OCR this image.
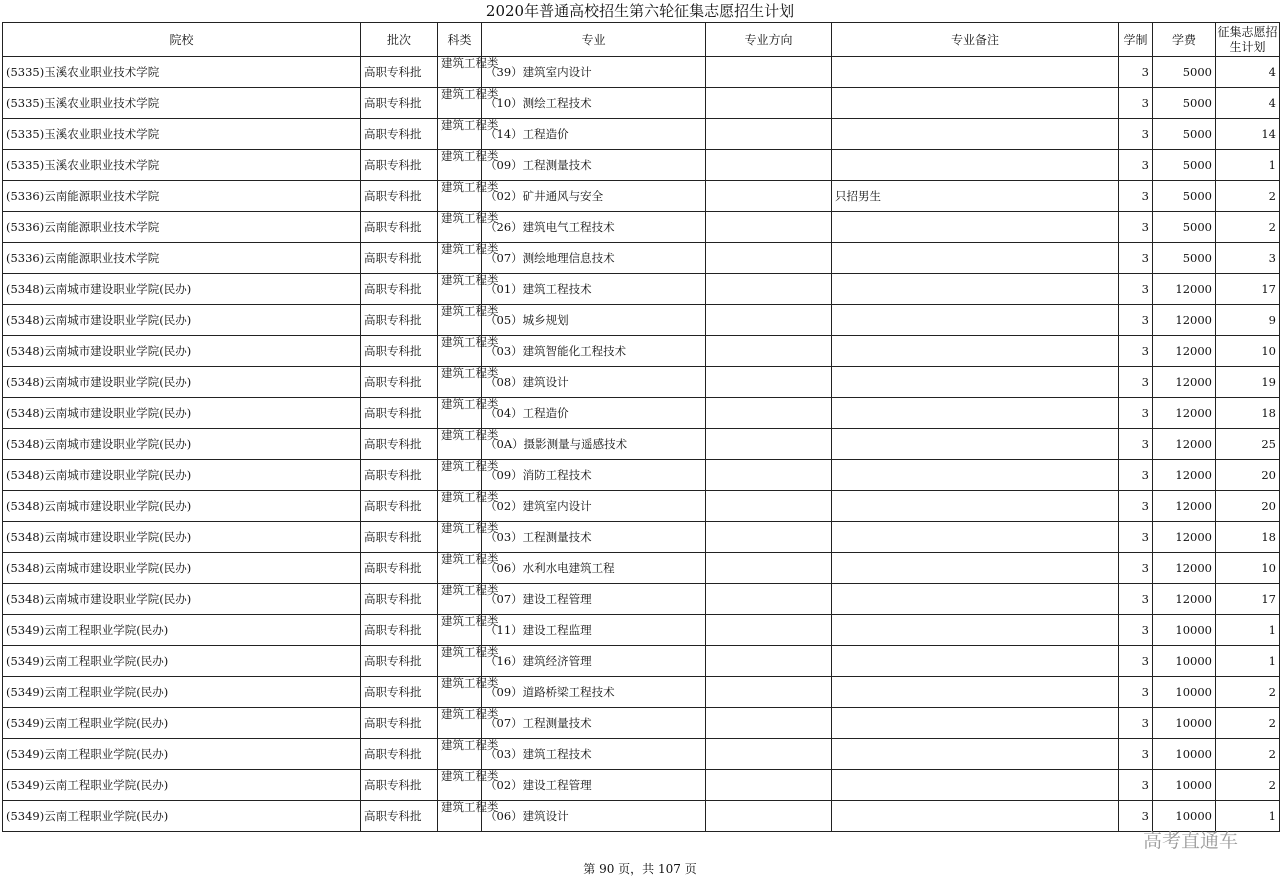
2020年普通高校招生第六轮征集志愿招生计划
院校	批次	科类	专业	专业方向	专业备注	学制	学费	征集志愿招生计划
(5335)玉溪农业职业技术学院	高职专科批	建筑工程类	（39）建筑室内设计			3	5000	4
(5335)玉溪农业职业技术学院	高职专科批	建筑工程类	（10）测绘工程技术			3	5000	4
(5335)玉溪农业职业技术学院	高职专科批	建筑工程类	（14）工程造价			3	5000	14
(5335)玉溪农业职业技术学院	高职专科批	建筑工程类	（09）工程测量技术			3	5000	1
(5336)云南能源职业技术学院	高职专科批	建筑工程类	（02）矿井通风与安全		只招男生	3	5000	2
(5336)云南能源职业技术学院	高职专科批	建筑工程类	（26）建筑电气工程技术			3	5000	2
(5336)云南能源职业技术学院	高职专科批	建筑工程类	（07）测绘地理信息技术			3	5000	3
(5348)云南城市建设职业学院(民办)	高职专科批	建筑工程类	（01）建筑工程技术			3	12000	17
(5348)云南城市建设职业学院(民办)	高职专科批	建筑工程类	（05）城乡规划			3	12000	9
(5348)云南城市建设职业学院(民办)	高职专科批	建筑工程类	（03）建筑智能化工程技术			3	12000	10
(5348)云南城市建设职业学院(民办)	高职专科批	建筑工程类	（08）建筑设计			3	12000	19
(5348)云南城市建设职业学院(民办)	高职专科批	建筑工程类	（04）工程造价			3	12000	18
(5348)云南城市建设职业学院(民办)	高职专科批	建筑工程类	（0A）摄影测量与遥感技术			3	12000	25
(5348)云南城市建设职业学院(民办)	高职专科批	建筑工程类	（09）消防工程技术			3	12000	20
(5348)云南城市建设职业学院(民办)	高职专科批	建筑工程类	（02）建筑室内设计			3	12000	20
(5348)云南城市建设职业学院(民办)	高职专科批	建筑工程类	（03）工程测量技术			3	12000	18
(5348)云南城市建设职业学院(民办)	高职专科批	建筑工程类	（06）水利水电建筑工程			3	12000	10
(5348)云南城市建设职业学院(民办)	高职专科批	建筑工程类	（07）建设工程管理			3	12000	17
(5349)云南工程职业学院(民办)	高职专科批	建筑工程类	（11）建设工程监理			3	10000	1
(5349)云南工程职业学院(民办)	高职专科批	建筑工程类	（16）建筑经济管理			3	10000	1
(5349)云南工程职业学院(民办)	高职专科批	建筑工程类	（09）道路桥梁工程技术			3	10000	2
(5349)云南工程职业学院(民办)	高职专科批	建筑工程类	（07）工程测量技术			3	10000	2
(5349)云南工程职业学院(民办)	高职专科批	建筑工程类	（03）建筑工程技术			3	10000	2
(5349)云南工程职业学院(民办)	高职专科批	建筑工程类	（02）建设工程管理			3	10000	2
(5349)云南工程职业学院(民办)	高职专科批	建筑工程类	（06）建筑设计			3	10000	1
第 90 页，共 107 页
高考直通车
